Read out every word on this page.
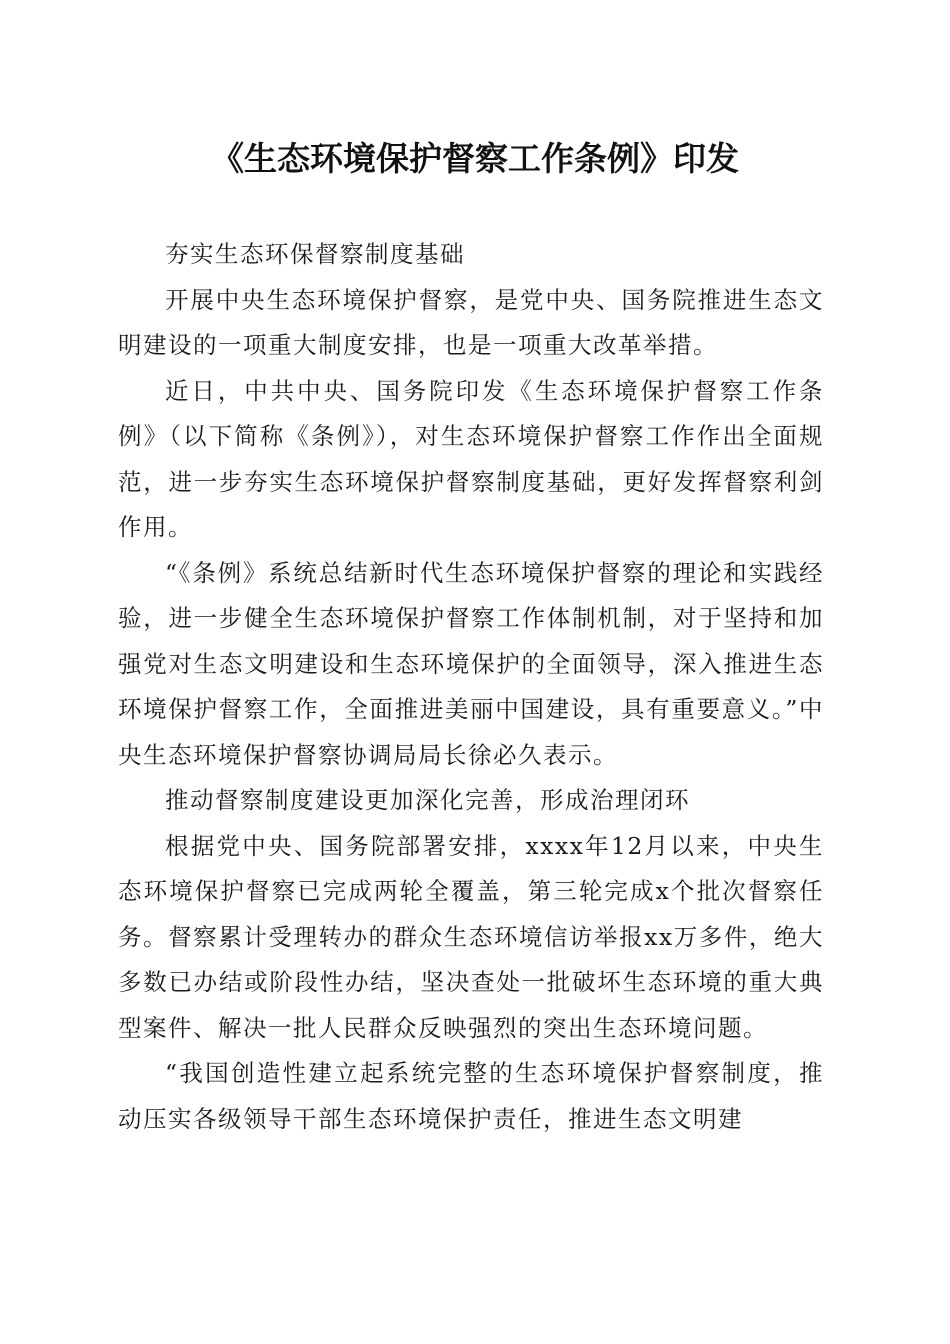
《生态环境保护督察工作条例》印发

夯实生态环保督察制度基础

开展中央生态环境保护督察，是党中央、国务院推进生态文明建设的一项重大制度安排，也是一项重大改革举措。

近日，中共中央、国务院印发《生态环境保护督察工作条例》（以下简称《条例》），对生态环境保护督察工作作出全面规范，进一步夯实生态环境保护督察制度基础，更好发挥督察利剑作用。

“《条例》系统总结新时代生态环境保护督察的理论和实践经验，进一步健全生态环境保护督察工作体制机制，对于坚持和加强党对生态文明建设和生态环境保护的全面领导，深入推进生态环境保护督察工作，全面推进美丽中国建设，具有重要意义。”中央生态环境保护督察协调局局长徐必久表示。

推动督察制度建设更加深化完善，形成治理闭环

根据党中央、国务院部署安排，xxxx年12月以来，中央生态环境保护督察已完成两轮全覆盖，第三轮完成x个批次督察任务。督察累计受理转办的群众生态环境信访举报xx万多件，绝大多数已办结或阶段性办结，坚决查处一批破坏生态环境的重大典型案件、解决一批人民群众反映强烈的突出生态环境问题。

“我国创造性建立起系统完整的生态环境保护督察制度，推动压实各级领导干部生态环境保护责任，推进生态文明建
